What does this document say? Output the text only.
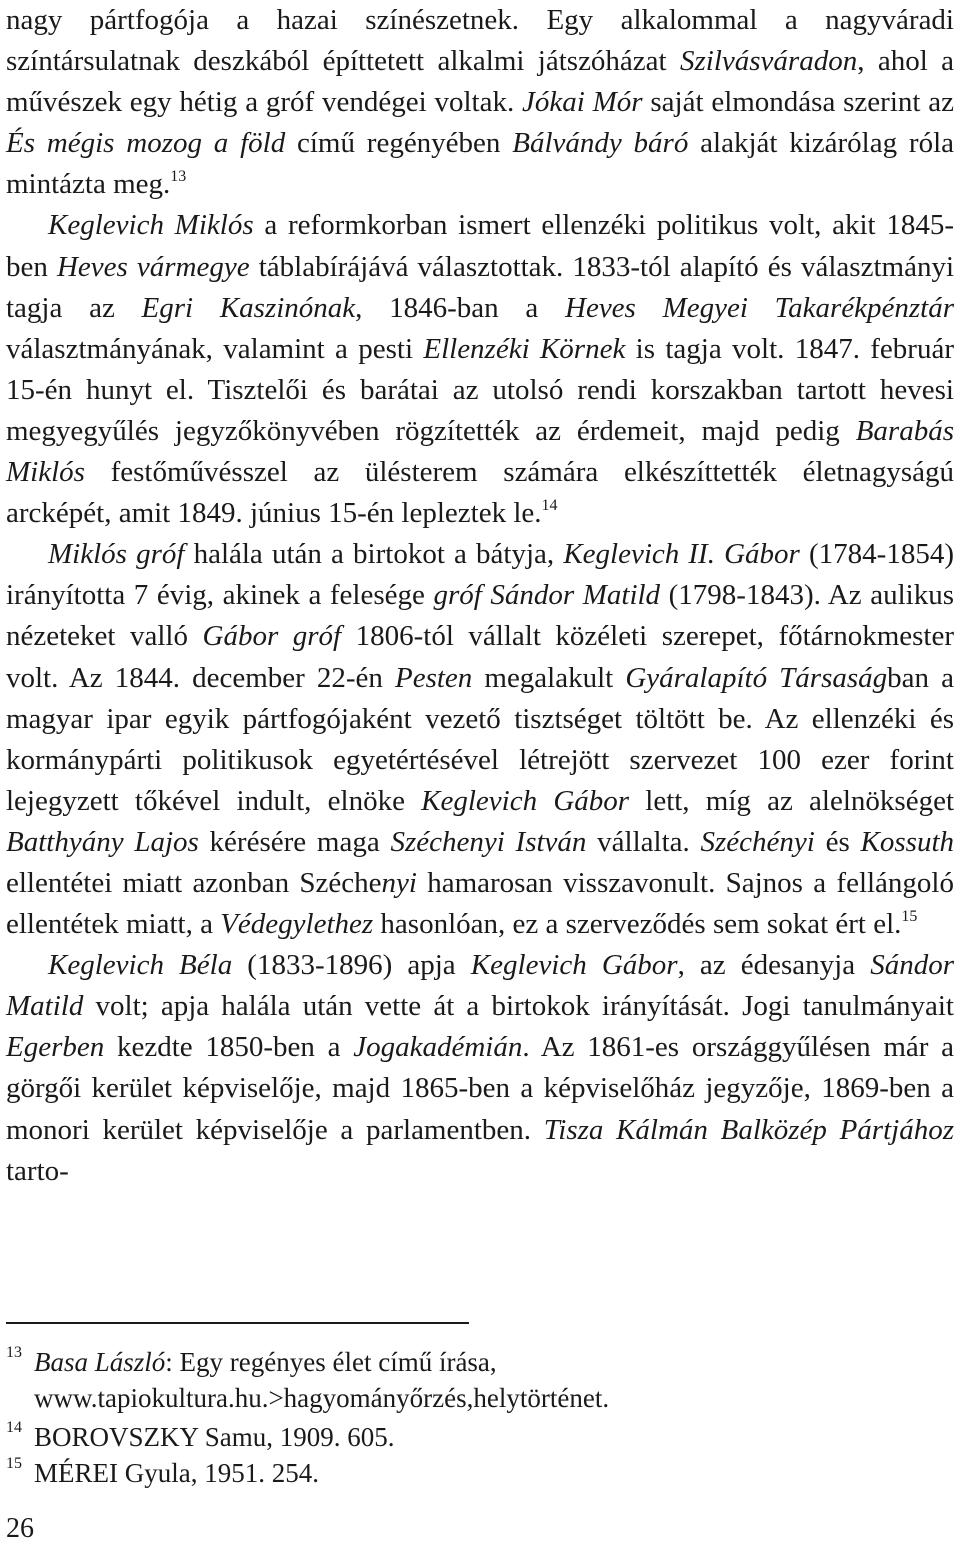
nagy pártfogója a hazai színészetnek. Egy alkalommal a nagyváradi színtársulatnak deszkából építtetett alkalmi játszóházat Szilvásváradon, ahol a művészek egy hétig a gróf vendégei voltak. Jókai Mór saját elmondása szerint az És mégis mozog a föld című regényében Bálvándy báró alakját kizárólag róla mintázta meg.$^{13}$

Keglevich Miklós a reformkorban ismert ellenzéki politikus volt, akit 1845-ben Heves vármegye táblabírájává választottak. 1833-tól alapító és választmányi tagja az Egri Kaszinónak, 1846-ban a Heves Megyei Takarékpénztár választmányának, valamint a pesti Ellenzéki Körnek is tagja volt. 1847. február 15-én hunyt el. Tisztelői és barátai az utolsó rendi korszakban tartott hevesi megyegyűlés jegyzőkönyvében rögzítették az érdemeit, majd pedig Barabás Miklós festőművésszel az ülésterem számára elkészíttették életnagyságú arcképét, amit 1849. június 15-én lepleztek le.$^{14}$

Miklós gróf halála után a birtokot a bátyja, Keglevich II. Gábor (1784-1854) irányította 7 évig, akinek a felesége gróf Sándor Matild (1798-1843). Az aulikus nézeteket valló Gábor gróf 1806-tól vállalt közéleti szerepet, főtárnokmester volt. Az 1844. december 22-én Pesten megalakult Gyáralapító Társaságban a magyar ipar egyik pártfogójaként vezető tisztséget töltött be. Az ellenzéki és kormánypárti politikusok egyetértésével létrejött szervezet 100 ezer forint lejegyzett tőkével indult, elnöke Keglevich Gábor lett, míg az alelnökséget Batthyány Lajos kérésére maga Széchenyi István vállalta. Széchényi és Kossuth ellentétei miatt azonban Széchenyi hamarosan visszavonult. Sajnos a fellángoló ellentétek miatt, a Védegylethez hasonlóan, ez a szerveződés sem sokat ért el.$^{15}$

Keglevich Béla (1833-1896) apja Keglevich Gábor, az édesanyja Sándor Matild volt; apja halála után vette át a birtokok irányítását. Jogi tanulmányait Egerben kezdte 1850-ben a Jogakadémián. Az 1861-es országgyűlésen már a görgői kerület képviselője, majd 1865-ben a képviselőház jegyzője, 1869-ben a monori kerület képviselője a parlamentben. Tisza Kálmán Balközép Pártjához tarto-

13 Basa László: Egy regényes élet című írása, www.tapiokultura.hu.>hagyományőrzés,helytörténet.
14 BOROVSZKY Samu, 1909. 605.
15 MÉREI Gyula, 1951. 254.
26
